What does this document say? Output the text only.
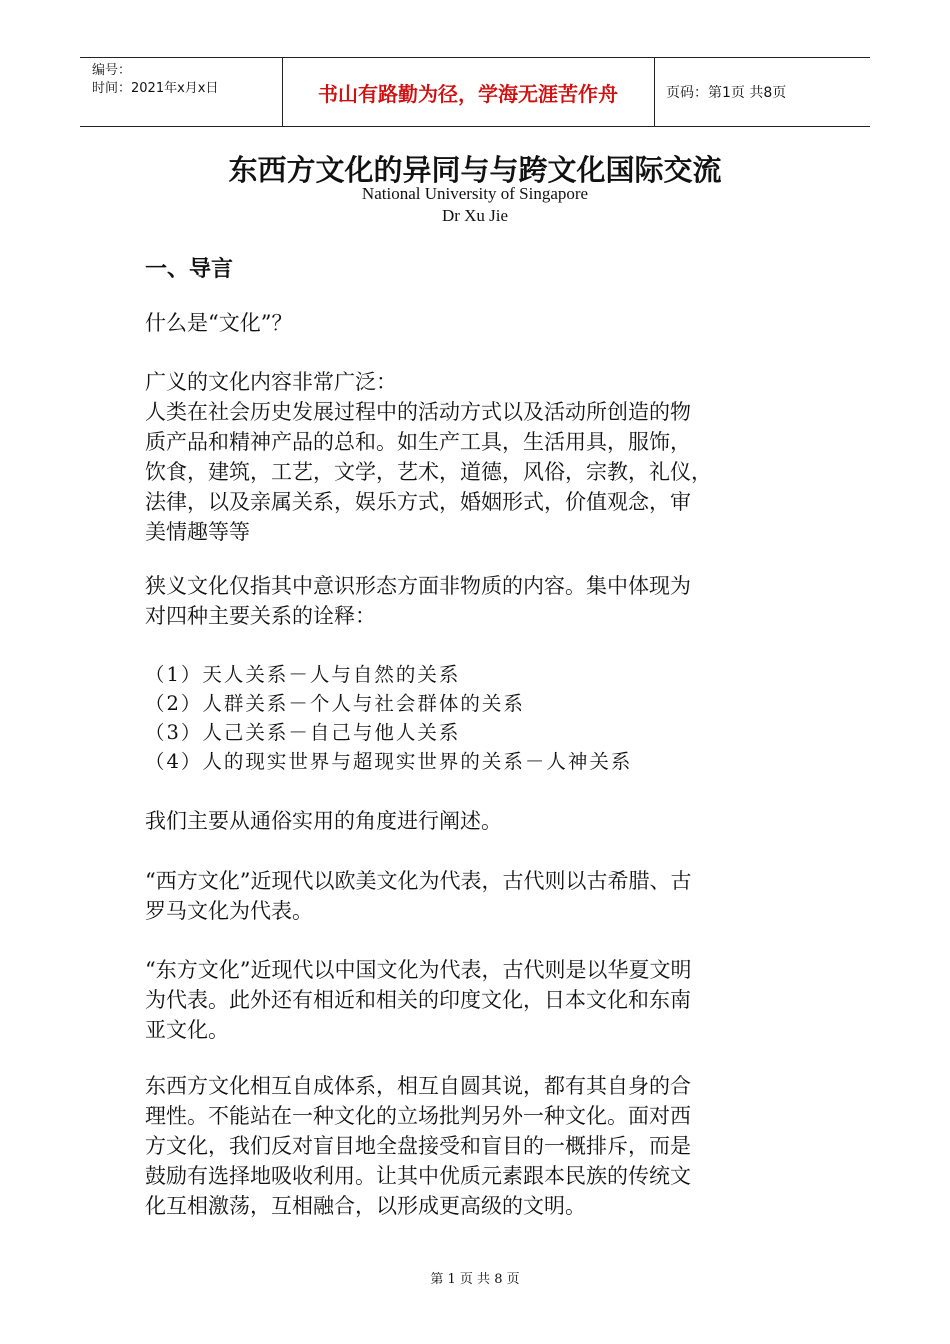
编号：
时间：2021年x月x日	书山有路勤为径，学海无涯苦作舟	页码：第1页 共8页
东西方文化的异同与与跨文化国际交流
National University of Singapore
Dr Xu Jie
一、导言
什么是“文化”？
广义的文化内容非常广泛：
人类在社会历史发展过程中的活动方式以及活动所创造的物
质产品和精神产品的总和。如生产工具，生活用具，服饰，
饮食，建筑，工艺，文学，艺术，道德，风俗，宗教，礼仪，
法律，以及亲属关系，娱乐方式，婚姻形式，价值观念，审
美情趣等等
狭义文化仅指其中意识形态方面非物质的内容。集中体现为
对四种主要关系的诠释：
（1）天人关系－人与自然的关系
（2）人群关系－个人与社会群体的关系
（3）人己关系－自己与他人关系
（4）人的现实世界与超现实世界的关系－人神关系
我们主要从通俗实用的角度进行阐述。
“西方文化”近现代以欧美文化为代表，古代则以古希腊、古
罗马文化为代表。
“东方文化”近现代以中国文化为代表，古代则是以华夏文明
为代表。此外还有相近和相关的印度文化，日本文化和东南
亚文化。
东西方文化相互自成体系，相互自圆其说，都有其自身的合
理性。不能站在一种文化的立场批判另外一种文化。面对西
方文化，我们反对盲目地全盘接受和盲目的一概排斥，而是
鼓励有选择地吸收利用。让其中优质元素跟本民族的传统文
化互相激荡，互相融合，以形成更高级的文明。
第 1 页 共 8 页
